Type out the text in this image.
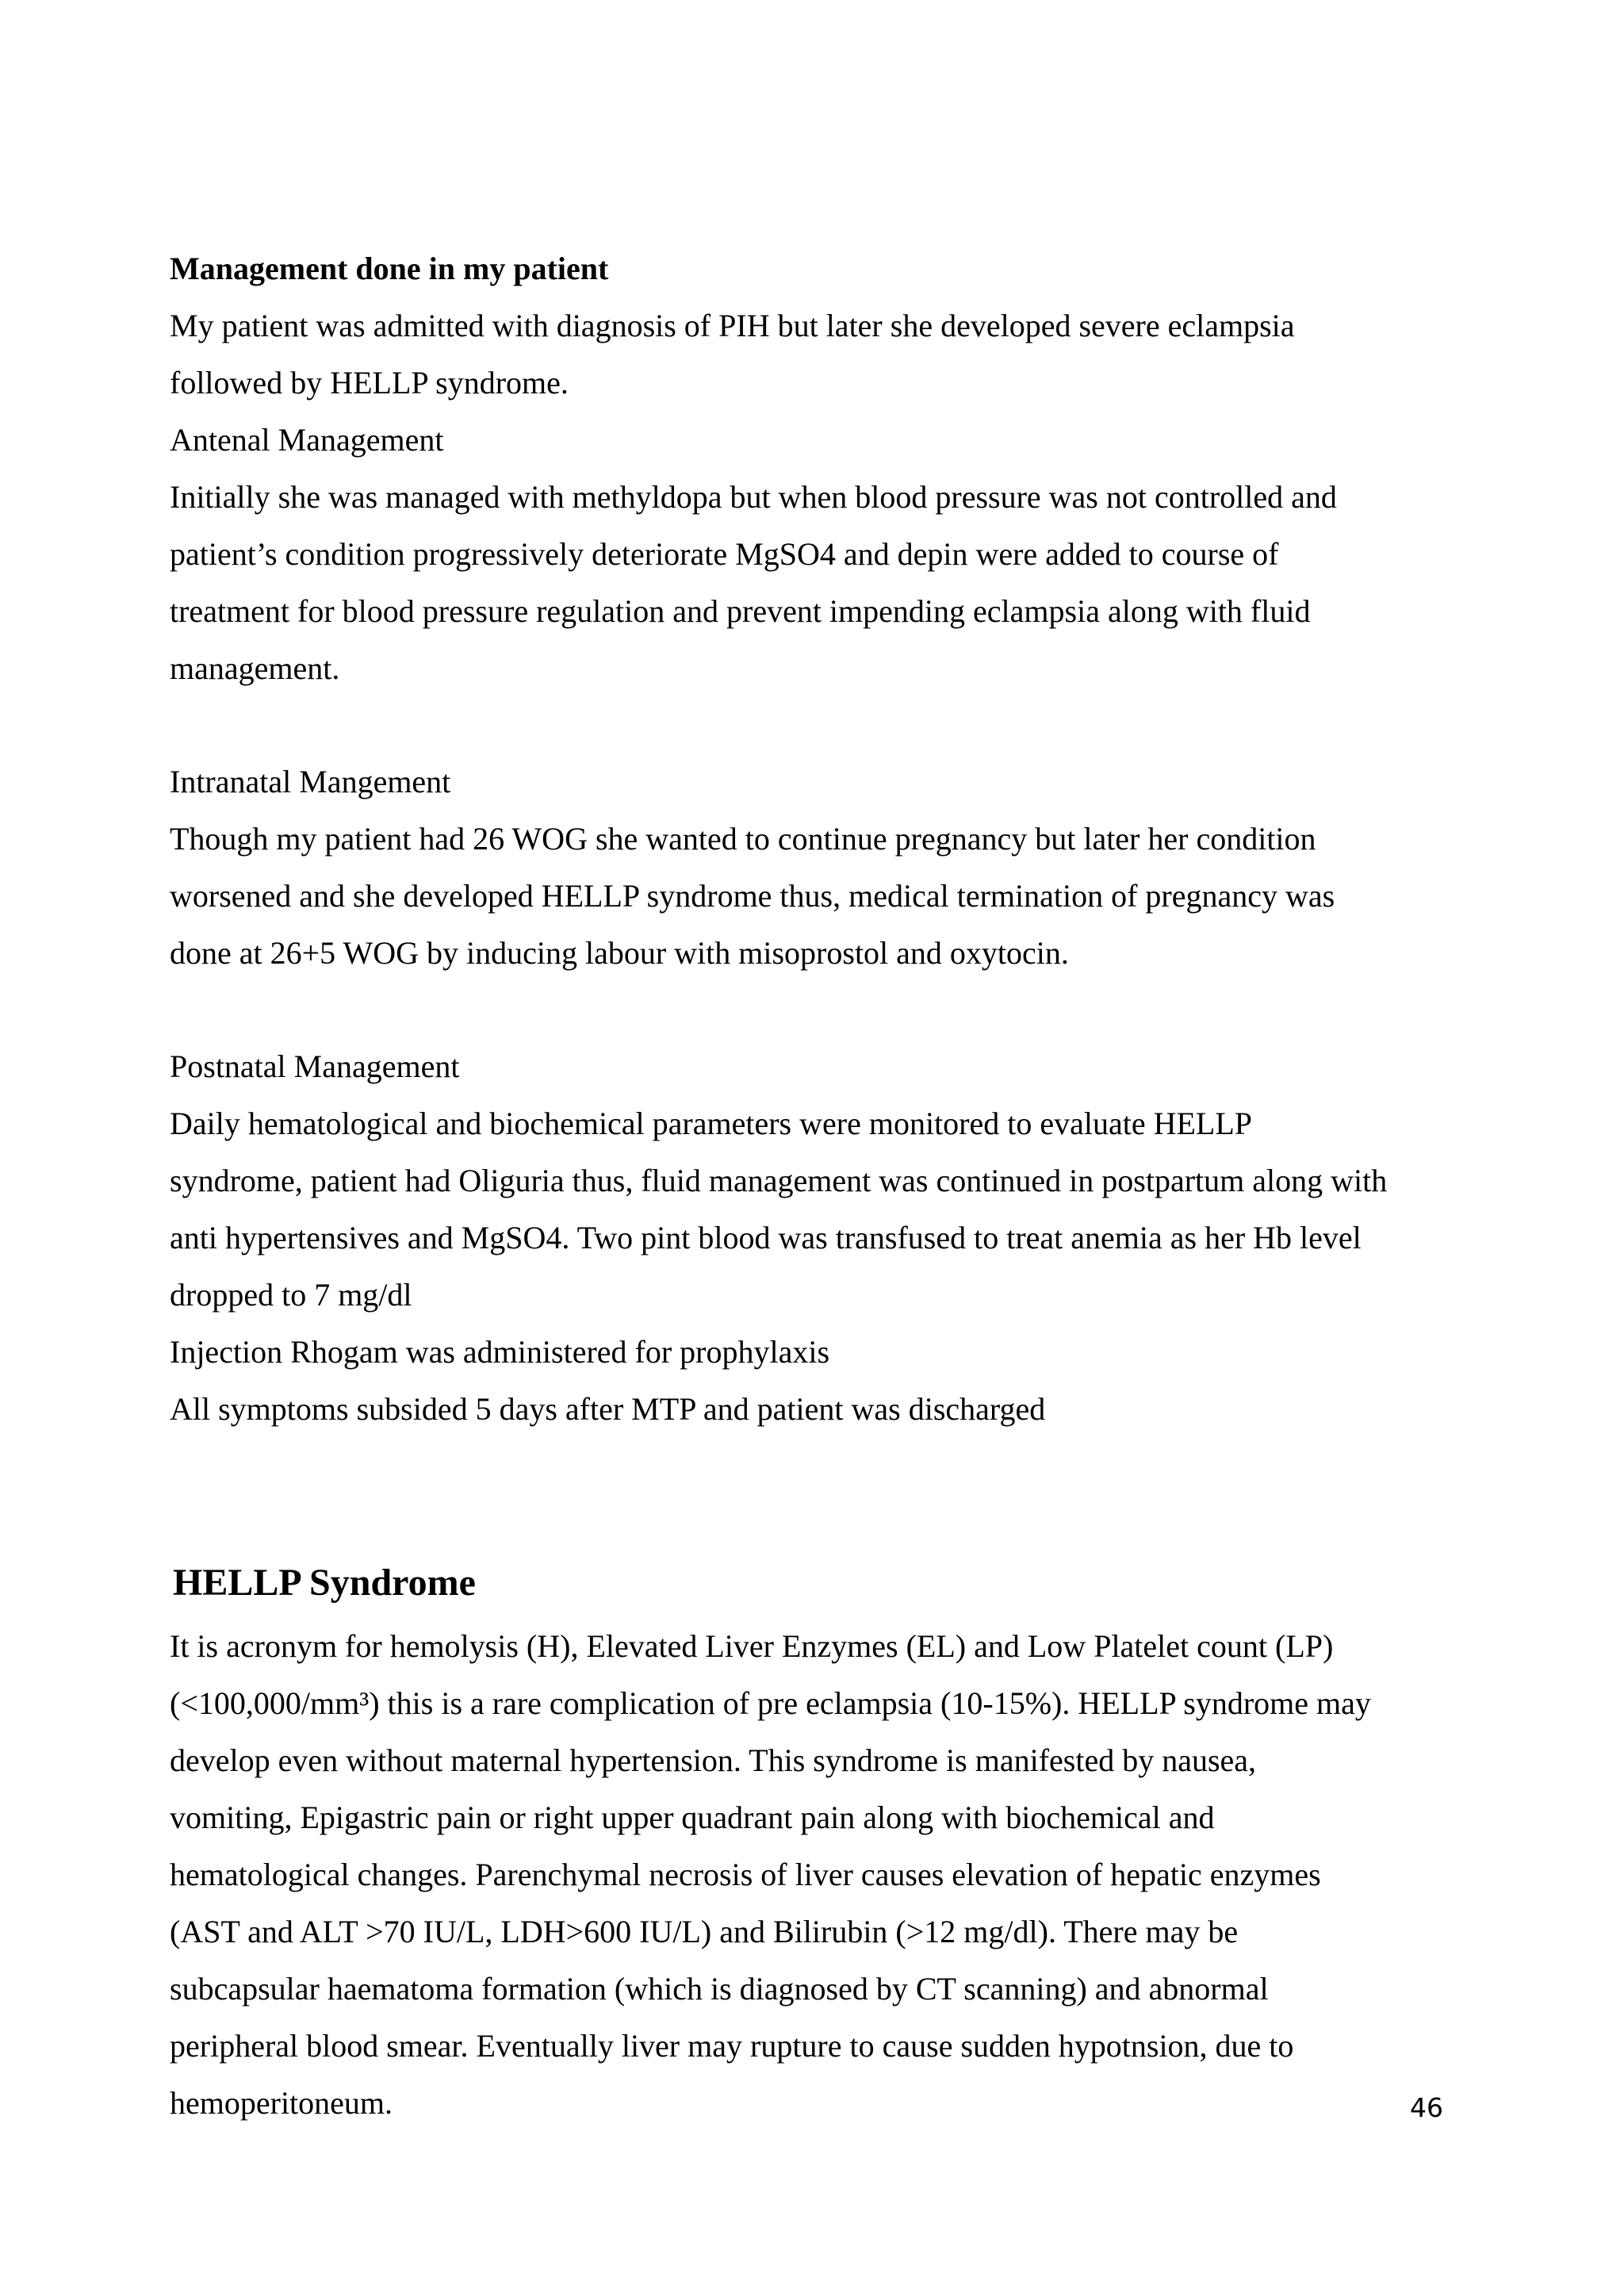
Management done in my patient
My patient was admitted with diagnosis of PIH but later she developed severe eclampsia
followed by HELLP syndrome.
Antenal Management
Initially she was managed with methyldopa but when blood pressure was not controlled and
patient’s condition progressively deteriorate MgSO4 and depin were added to course of
treatment for blood pressure regulation and prevent impending eclampsia along with fluid
management.
Intranatal Mangement
Though my patient had 26 WOG she wanted to continue pregnancy but later her condition
worsened and she developed HELLP syndrome thus, medical termination of pregnancy was
done at 26+5 WOG by inducing labour with misoprostol and oxytocin.
Postnatal Management
Daily hematological and biochemical parameters were monitored to evaluate HELLP
syndrome, patient had Oliguria thus, fluid management was continued in postpartum along with
anti hypertensives and MgSO4. Two pint blood was transfused to treat anemia as her Hb level
dropped to 7 mg/dl
Injection Rhogam was administered for prophylaxis
All symptoms subsided 5 days after MTP and patient was discharged
HELLP Syndrome
It is acronym for hemolysis (H), Elevated Liver Enzymes (EL) and Low Platelet count (LP)
(<100,000/mm³) this is a rare complication of pre eclampsia (10-15%). HELLP syndrome may
develop even without maternal hypertension. This syndrome is manifested by nausea,
vomiting, Epigastric pain or right upper quadrant pain along with biochemical and
hematological changes. Parenchymal necrosis of liver causes elevation of hepatic enzymes
(AST and ALT >70 IU/L, LDH>600 IU/L) and Bilirubin (>12 mg/dl). There may be
subcapsular haematoma formation (which is diagnosed by CT scanning) and abnormal
peripheral blood smear. Eventually liver may rupture to cause sudden hypotnsion, due to
hemoperitoneum.	46
